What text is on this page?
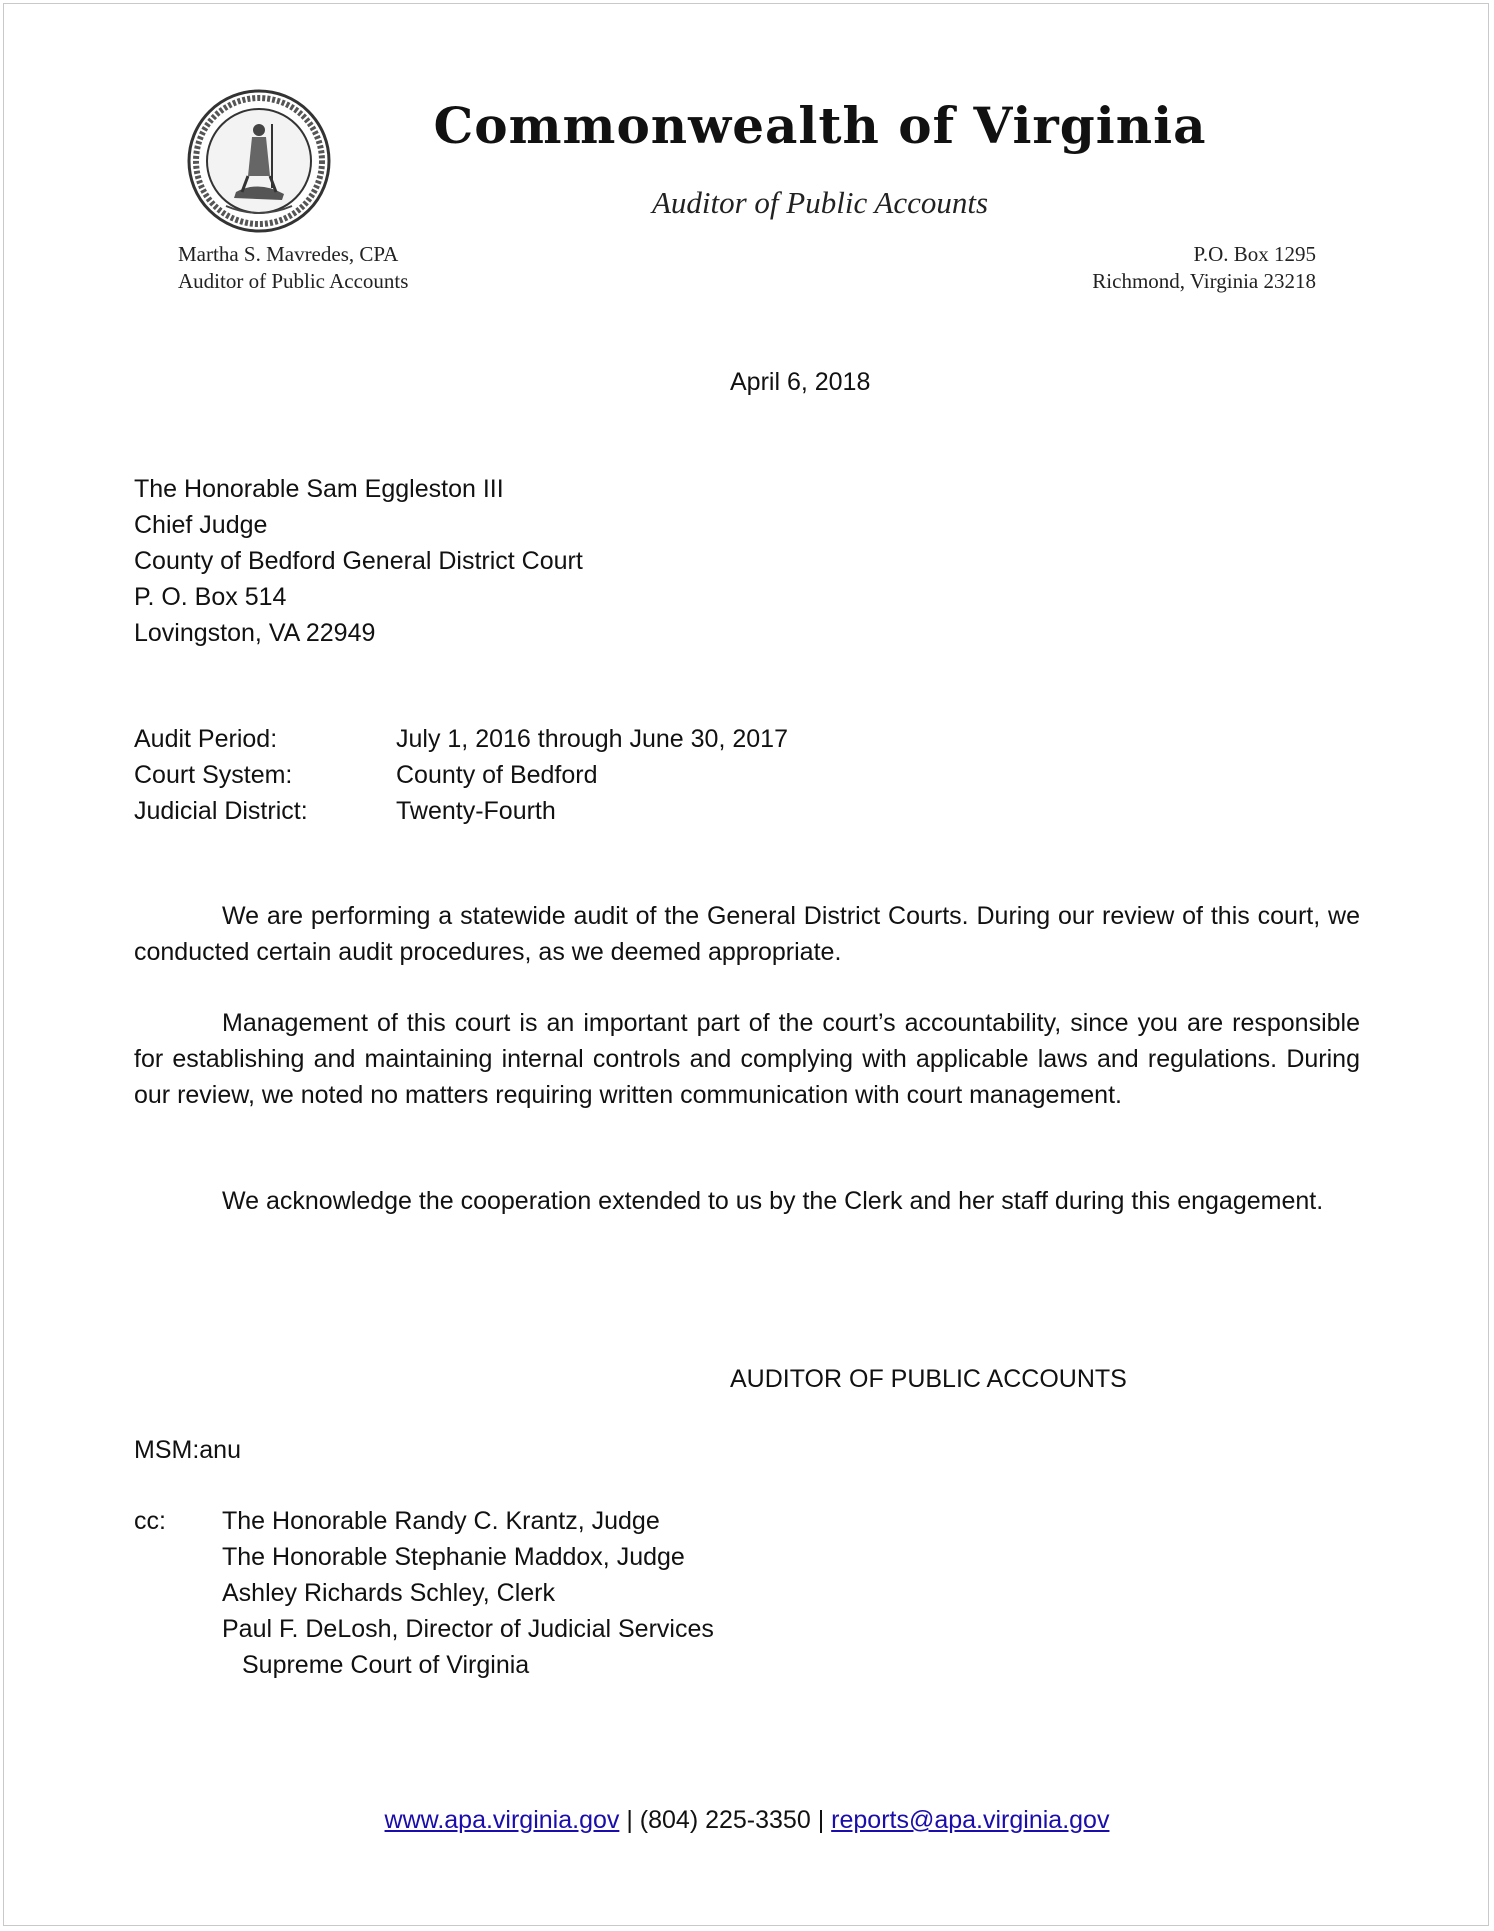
Commonwealth of Virginia
Auditor of Public Accounts
Martha S. Mavredes, CPA
Auditor of Public Accounts
P.O. Box 1295
Richmond, Virginia 23218
April 6, 2018
The Honorable Sam Eggleston III
Chief Judge
County of Bedford General District Court
P. O. Box 514
Lovingston, VA 22949
Audit Period:	July 1, 2016 through June 30, 2017
Court System:	County of Bedford
Judicial District:	Twenty-Fourth
We are performing a statewide audit of the General District Courts. During our review of this court, we conducted certain audit procedures, as we deemed appropriate.
Management of this court is an important part of the court’s accountability, since you are responsible for establishing and maintaining internal controls and complying with applicable laws and regulations. During our review, we noted no matters requiring written communication with court management.
We acknowledge the cooperation extended to us by the Clerk and her staff during this engagement.
AUDITOR OF PUBLIC ACCOUNTS
MSM:anu
cc: The Honorable Randy C. Krantz, Judge
The Honorable Stephanie Maddox, Judge
Ashley Richards Schley, Clerk
Paul F. DeLosh, Director of Judicial Services
Supreme Court of Virginia
www.apa.virginia.gov | (804) 225-3350 | reports@apa.virginia.gov
